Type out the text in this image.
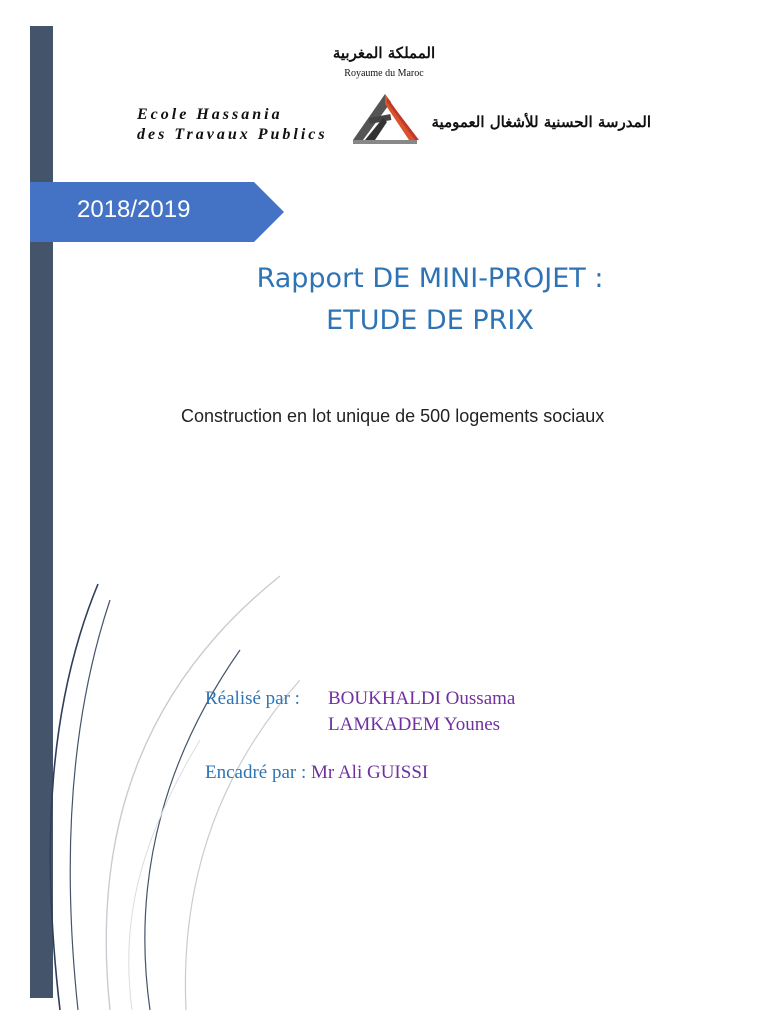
المملكة المغربية
Royaume du Maroc
Ecole Hassania
des Travaux Publics
المدرسة الحسنية للأشغال العمومية
2018/2019
Rapport DE MINI-PROJET :
ETUDE DE PRIX
Construction en lot unique de 500 logements sociaux
Réalisé par : BOUKHALDI Oussama
LAMKADEM Younes
Encadré par : Mr Ali GUISSI
